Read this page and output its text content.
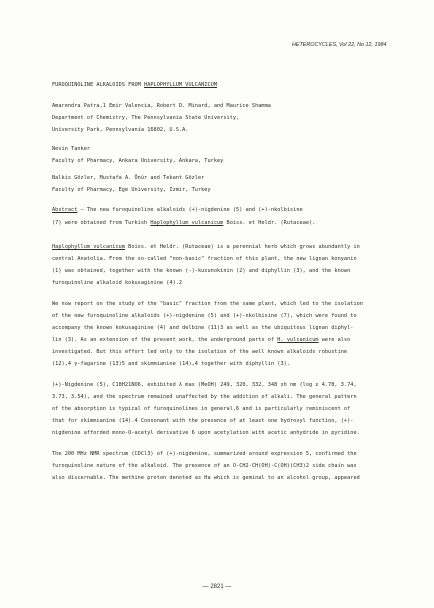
HETEROCYCLES, Vol 22, No 12, 1984
FUROQUINOLINE ALKALOIDS FROM HAPLOPHYLLUM VULCANICUM
Amarendra Patra,1 Emir Valencia, Robert D. Minard, and Maurice Shamma
Department of Chemistry, The Pennsylvania State University,
University Park, Pennsylvania 16802, U.S.A.
Nevin Tanker
Faculty of Pharmacy, Ankara University, Ankara, Turkey
Balkis Gözler, Mustafa A. Önür and Tekant Gözler
Faculty of Pharmacy, Ege University, Izmir, Turkey
Abstract — The new furoquinoline alkaloids (+)-nigdenine (5) and (+)-nkolbisine
(7) were obtained from Turkish Haplophyllum vulcanicum Boiss. et Heldr. (Rutaceae).
Haplophyllum vulcanicum Boiss. et Heldr. (Rutaceae) is a perennial herb which grows abundantly in
central Anatolia. From the so-called "non-basic" fraction of this plant, the new lignan konyanin
(1) was obtained, together with the known (-)-kusunokinin (2) and diphyllin (3), and the known
furoquinoline alkaloid kokusaginine (4).2
We now report on the study of the "basic" fraction from the same plant, which led to the isolation
of the new furoquinoline alkaloids (+)-nigdenine (5) and (+)-nkolbisine (7), which were found to
accompany the known kokusaginine (4) and delbine (11)3 as well as the ubiquitous lignan diphyl-
lin (3). As an extension of the present work, the underground parts of H. vulcanicum were also
investigated. But this effort led only to the isolation of the well known alkaloids robustine
(12),4 γ-fagarine (13)5 and skimmianine (14),4 together with diphyllin (3).
(+)-Nigdenine (5), C18H21NO6, exhibited λ max (MeOH) 249, 320, 332, 348 sh nm (log ε 4.78, 3.74,
3.73, 3.54), and the spectrum remained unaffected by the addition of alkali. The general pattern
of the absorption is typical of furoquinolines in general,6 and is particularly reminiscent of
that for skimmianine (14).4 Consonant with the presence of at least one hydroxyl function, (+)-
nigdenine afforded mono-O-acetyl derivative 6 upon acetylation with acetic anhydride in pyridine.
The 200 MHz NMR spectrum (CDCl3) of (+)-nigdenine, summarized around expression 5, confirmed the
furoquinoline nature of the alkaloid. The presence of an O-CH2-CH(OH)-C(OH)(CH3)2 side chain was
also discernable. The methine proton denoted as Ha which is geminal to an alcohol group, appeared
— 2821 —
